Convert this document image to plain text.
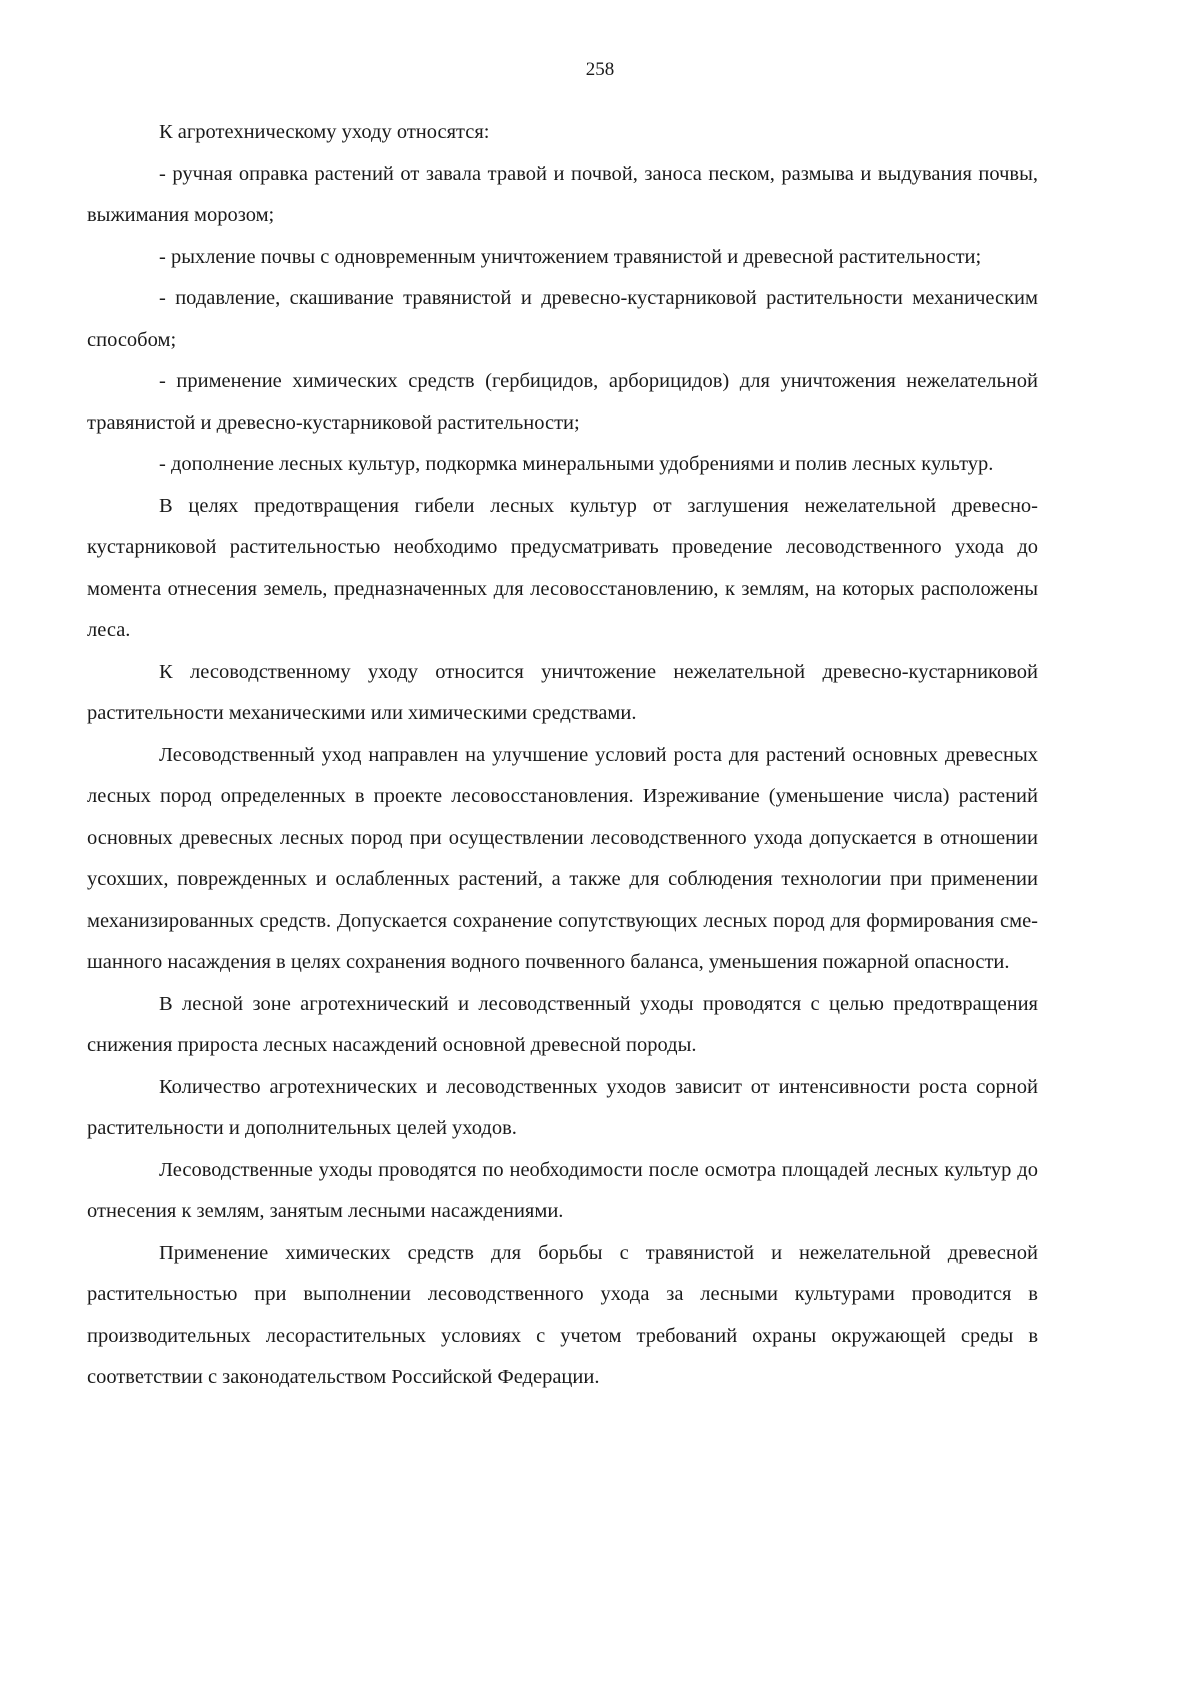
258

К агротехническому уходу относятся:

- ручная оправка растений от завала травой и почвой, заноса песком, размыва и выдувания почвы, выжимания морозом;

- рыхление почвы с одновременным уничтожением травянистой и древесной растительности;

- подавление, скашивание травянистой и древесно-кустарниковой растительности механическим способом;

- применение химических средств (гербицидов, арборицидов) для уничтожения нежелательной травянистой и древесно-кустарниковой растительности;

- дополнение лесных культур, подкормка минеральными удобрениями и полив лесных культур.

В целях предотвращения гибели лесных культур от заглушения нежелательной древесно-кустарниковой растительностью необходимо предусматривать проведение лесоводственного ухода до момента отнесения земель, предназначенных для лесовосстановлению, к землям, на которых расположены леса.

К лесоводственному уходу относится уничтожение нежелательной древесно-кустарниковой растительности механическими или химическими средствами.

Лесоводственный уход направлен на улучшение условий роста для растений основных древесных лесных пород определенных в проекте лесовосстановления. Изреживание (уменьшение числа) растений основных древесных лесных пород при осуществлении лесоводственного ухода допускается в отношении усохших, поврежденных и ослабленных растений, а также для соблюдения технологии при применении механизированных средств. Допускается сохранение сопутствующих лесных пород для формирования смешанного насаждения в целях сохранения водного почвенного баланса, уменьшения пожарной опасности.

В лесной зоне агротехнический и лесоводственный уходы проводятся с целью предотвращения снижения прироста лесных насаждений основной древесной породы.

Количество агротехнических и лесоводственных уходов зависит от интенсивности роста сорной растительности и дополнительных целей уходов.

Лесоводственные уходы проводятся по необходимости после осмотра площадей лесных культур до отнесения к землям, занятым лесными насаждениями.

Применение химических средств для борьбы с травянистой и нежелательной древесной растительностью при выполнении лесоводственного ухода за лесными культурами проводится в производительных лесорастительных условиях с учетом требований охраны окружающей среды в соответствии с законодательством Российской Федерации.
